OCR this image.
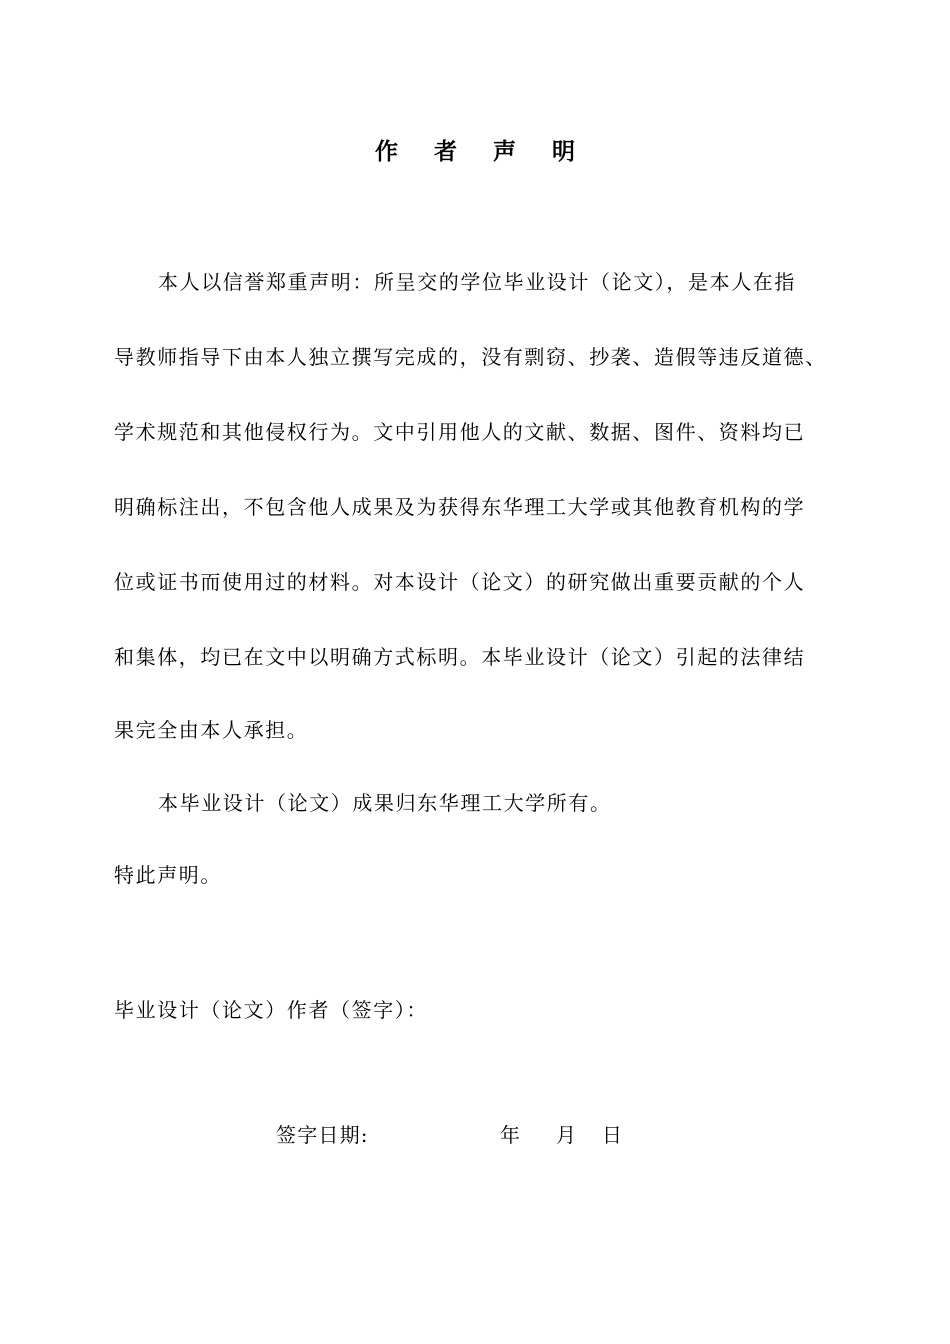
作 者 声 明
本人以信誉郑重声明：所呈交的学位毕业设计（论文），是本人在指
导教师指导下由本人独立撰写完成的，没有剽窃、抄袭、造假等违反道德、
学术规范和其他侵权行为。文中引用他人的文献、数据、图件、资料均已
明确标注出，不包含他人成果及为获得东华理工大学或其他教育机构的学
位或证书而使用过的材料。对本设计（论文）的研究做出重要贡献的个人
和集体，均已在文中以明确方式标明。本毕业设计（论文）引起的法律结
果完全由本人承担。
本毕业设计（论文）成果归东华理工大学所有。
特此声明。
毕业设计（论文）作者（签字）：
签字日期:	年 月 日
